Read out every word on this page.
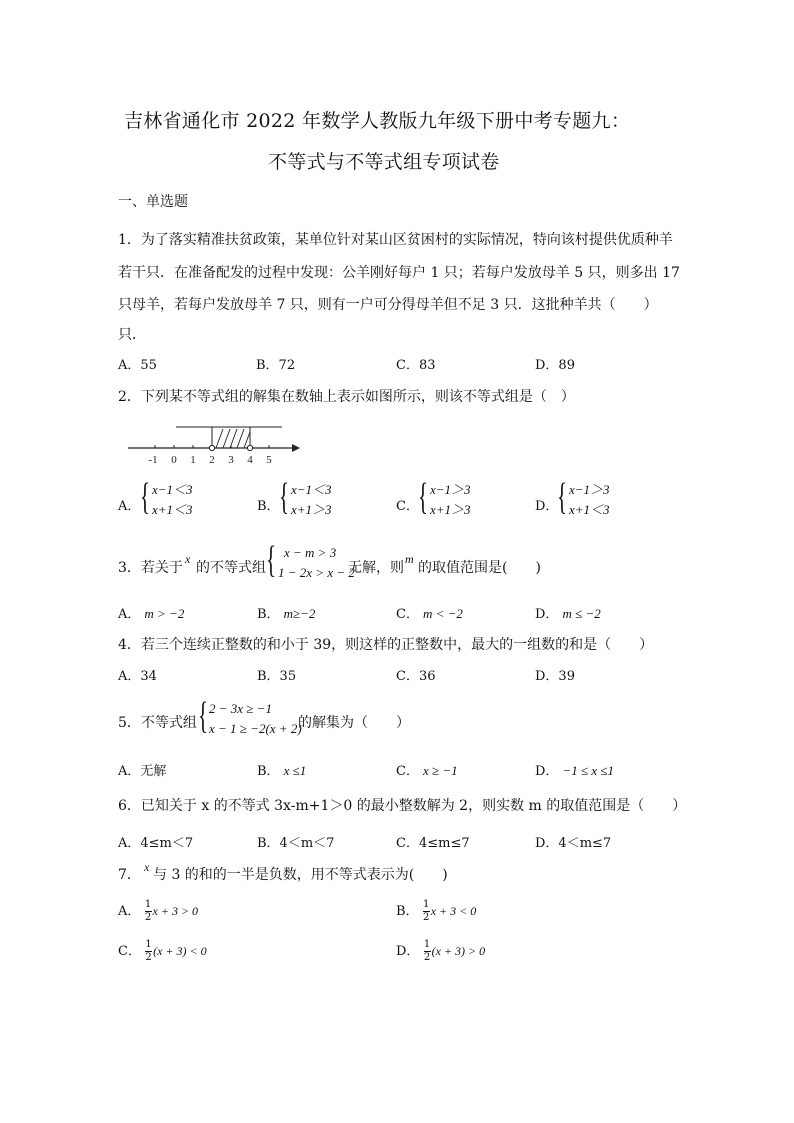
吉林省通化市 2022 年数学人教版九年级下册中考专题九：
不等式与不等式组专项试卷
一、单选题
1．为了落实精准扶贫政策，某单位针对某山区贫困村的实际情况，特向该村提供优质种羊
若干只．在准备配发的过程中发现：公羊刚好每户 1 只；若每户发放母羊 5 只，则多出 17
只母羊，若每户发放母羊 7 只，则有一户可分得母羊但不足 3 只．这批种羊共（　　）
只．
A．55	B．72	C．83	D．89
2．下列某不等式组的解集在数轴上表示如图所示，则该不等式组是（　）
-1 0 1 2 3 4 5
A． { x−1＜3
x+1＜3	B． { x−1＜3
x+1＞3	C． { x−1＞3
x+1＞3	D．
{ x−1＞3
x+1＜3
3．若关于
x
的不等式组 { x − m > 3
1 − 2x > x − 2
无解，则
m
的取值范围是(　　)
A． m > −2	B． m≥−2	C． m < −2	D． m ≤ −2
4．若三个连续正整数的和小于 39，则这样的正整数中，最大的一组数的和是（　　）
A．34	B．35	C．36	D．39
5．不等式组 { 2 − 3x ≥ −1
x − 1 ≥ −2(x + 2)
的解集为（　　）
A．无解	B． x ≤1	C． x ≥ −1	D． −1 ≤ x ≤1
6．已知关于 x 的不等式 3x-m+1＞0 的最小整数解为 2，则实数 m 的取值范围是（　　）
A．4≤m＜7	B．4＜m＜7	C．4≤m≤7	D．4＜m≤7
7． x 与 3 的和的一半是负数，用不等式表示为(　　)
A． $\frac{1}{2}$ x + 3 > 0	B． $\frac{1}{2}$ x + 3 < 0
C． $\frac{1}{2} (x + 3) < 0$	D． $\frac{1}{2} (x + 3) > 0$
